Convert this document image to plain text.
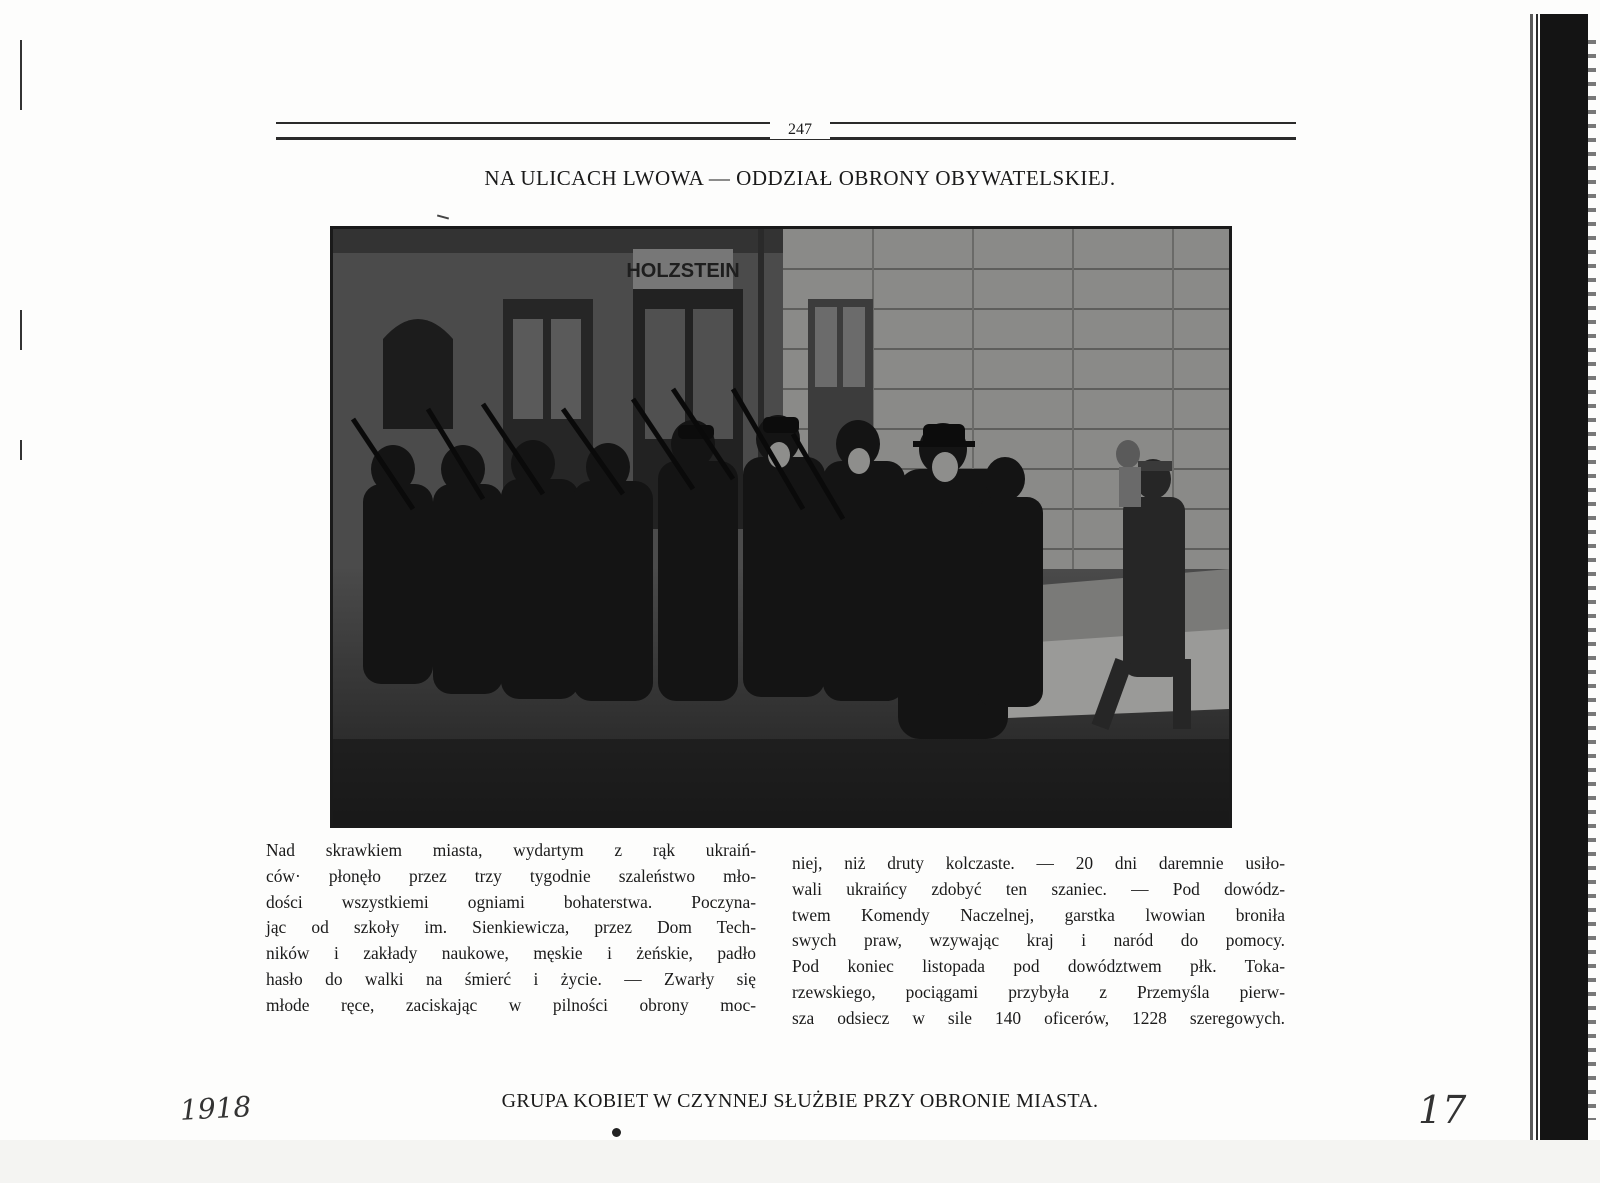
247
NA ULICACH LWOWA — ODDZIAŁ OBRONY OBYWATELSKIEJ.
HOLZSTEIN
Nad skrawkiem miasta, wydartym z rąk ukraiń-
ców· płonęło przez trzy tygodnie szaleństwo mło-
dości wszystkiemi ogniami bohaterstwa. Poczyna-
jąc od szkoły im. Sienkiewicza, przez Dom Tech-
ników i zakłady naukowe, męskie i żeńskie, padło
hasło do walki na śmierć i życie. — Zwarły się
młode ręce, zaciskając w pilności obrony moc-
niej, niż druty kolczaste. — 20 dni daremnie usiło-
wali ukraińcy zdobyć ten szaniec. — Pod dowódz-
twem Komendy Naczelnej, garstka lwowian broniła
swych praw, wzywając kraj i naród do pomocy.
Pod koniec listopada pod dowództwem płk. Toka-
rzewskiego, pociągami przybyła z Przemyśla pierw-
sza odsiecz w sile 140 oficerów, 1228 szeregowych.
GRUPA KOBIET W CZYNNEJ SŁUŻBIE PRZY OBRONIE MIASTA.
1918	17
